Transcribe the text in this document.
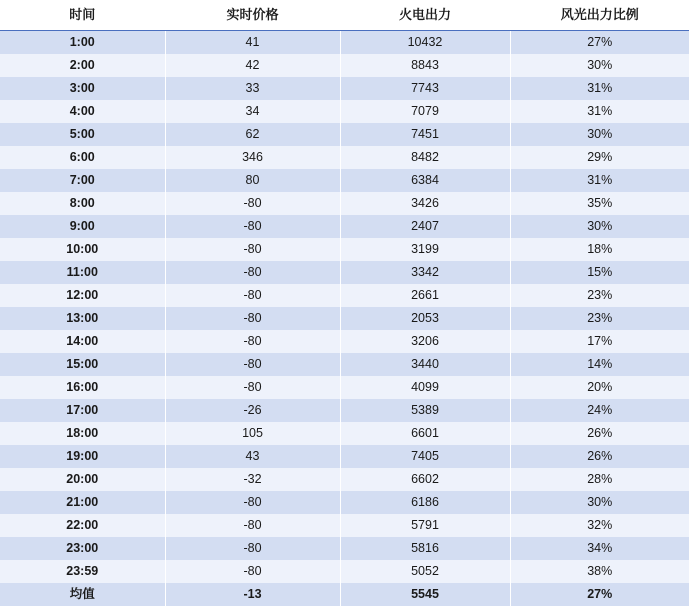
时间	实时价格	火电出力	风光出力比例
1:00	41	10432	27%
2:00	42	8843	30%
3:00	33	7743	31%
4:00	34	7079	31%
5:00	62	7451	30%
6:00	346	8482	29%
7:00	80	6384	31%
8:00	-80	3426	35%
9:00	-80	2407	30%
10:00	-80	3199	18%
11:00	-80	3342	15%
12:00	-80	2661	23%
13:00	-80	2053	23%
14:00	-80	3206	17%
15:00	-80	3440	14%
16:00	-80	4099	20%
17:00	-26	5389	24%
18:00	105	6601	26%
19:00	43	7405	26%
20:00	-32	6602	28%
21:00	-80	6186	30%
22:00	-80	5791	32%
23:00	-80	5816	34%
23:59	-80	5052	38%
均值	-13	5545	27%
